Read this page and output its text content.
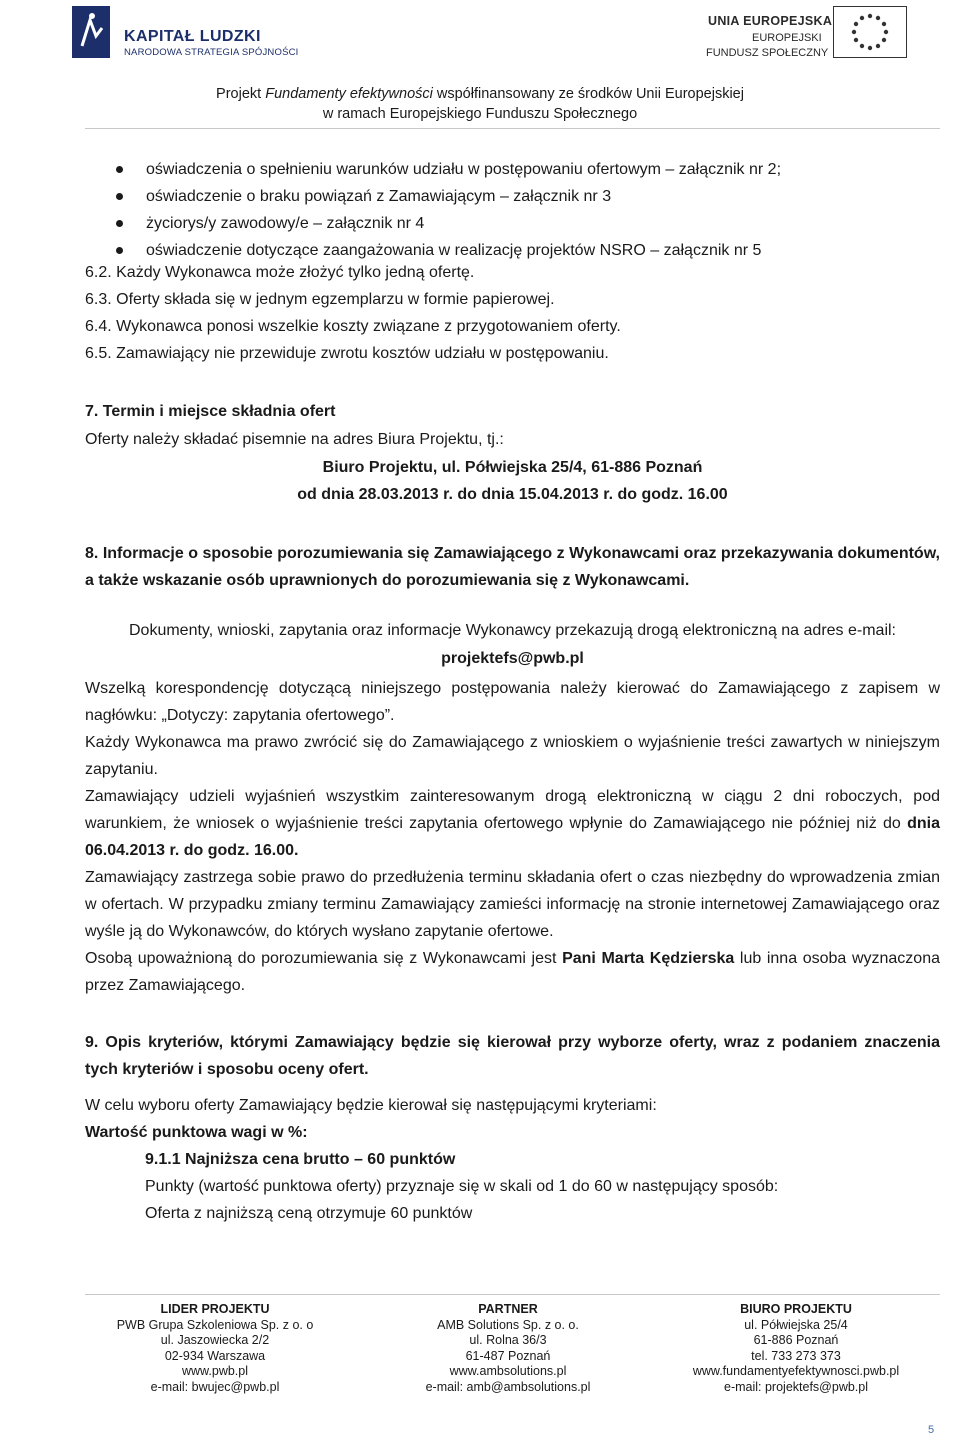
KAPITAŁ LUDZKI
NARODOWA STRATEGIA SPÓJNOŚCI
UNIA EUROPEJSKA
EUROPEJSKI
FUNDUSZ SPOŁECZNY
Projekt Fundamenty efektywności współfinansowany ze środków Unii Europejskiej
w ramach Europejskiego Funduszu Społecznego
oświadczenia o spełnieniu warunków udziału w postępowaniu ofertowym – załącznik nr 2;
oświadczenie o braku powiązań z Zamawiającym – załącznik nr 3
życiorys/y zawodowy/e – załącznik nr 4
oświadczenie dotyczące zaangażowania w realizację projektów NSRO – załącznik nr 5
6.2. Każdy Wykonawca może złożyć tylko jedną ofertę.
6.3. Oferty składa się w jednym egzemplarzu w formie papierowej.
6.4. Wykonawca ponosi wszelkie koszty związane z przygotowaniem oferty.
6.5. Zamawiający nie przewiduje zwrotu kosztów udziału w postępowaniu.
7. Termin i miejsce składnia ofert
Oferty należy składać pisemnie na adres Biura Projektu, tj.:
Biuro Projektu, ul. Półwiejska 25/4, 61-886 Poznań
od dnia 28.03.2013 r. do dnia 15.04.2013 r. do godz. 16.00

8. Informacje o sposobie porozumiewania się Zamawiającego z Wykonawcami oraz przekazywania dokumentów, a także wskazanie osób uprawnionych do porozumiewania się z Wykonawcami.

Dokumenty, wnioski, zapytania oraz informacje Wykonawcy przekazują drogą elektroniczną na adres e-mail:
projektefs@pwb.pl

Wszelką korespondencję dotyczącą niniejszego postępowania należy kierować do Zamawiającego z zapisem w nagłówku: „Dotyczy: zapytania ofertowego”.

Każdy Wykonawca ma prawo zwrócić się do Zamawiającego z wnioskiem o wyjaśnienie treści zawartych w niniejszym zapytaniu.

Zamawiający udzieli wyjaśnień wszystkim zainteresowanym drogą elektroniczną w ciągu 2 dni roboczych, pod warunkiem, że wniosek o wyjaśnienie treści zapytania ofertowego wpłynie do Zamawiającego nie później niż do dnia 06.04.2013 r. do godz. 16.00.

Zamawiający zastrzega sobie prawo do przedłużenia terminu składania ofert o czas niezbędny do wprowadzenia zmian w ofertach. W przypadku zmiany terminu Zamawiający zamieści informację na stronie internetowej Zamawiającego oraz wyśle ją do Wykonawców, do których wysłano zapytanie ofertowe.

Osobą upoważnioną do porozumiewania się z Wykonawcami jest Pani Marta Kędzierska lub inna osoba wyznaczona przez Zamawiającego.

9. Opis kryteriów, którymi Zamawiający będzie się kierował przy wyborze oferty, wraz z podaniem znaczenia tych kryteriów i sposobu oceny ofert.

W celu wyboru oferty Zamawiający będzie kierował się następującymi kryteriami:
Wartość punktowa wagi w %:
9.1.1 Najniższa cena brutto – 60 punktów
Punkty (wartość punktowa oferty) przyznaje się w skali od 1 do 60 w następujący sposób:
Oferta z najniższą ceną otrzymuje 60 punktów
LIDER PROJEKTU
PWB Grupa Szkoleniowa Sp. z o. o
ul. Jaszowiecka 2/2
02-934 Warszawa
www.pwb.pl
e-mail: bwujec@pwb.pl
PARTNER
AMB Solutions Sp. z o. o.
ul. Rolna 36/3
61-487 Poznań
www.ambsolutions.pl
e-mail: amb@ambsolutions.pl
BIURO PROJEKTU
ul. Półwiejska 25/4
61-886 Poznań
tel. 733 273 373
www.fundamentyefektywnosci.pwb.pl
e-mail: projektefs@pwb.pl
5
